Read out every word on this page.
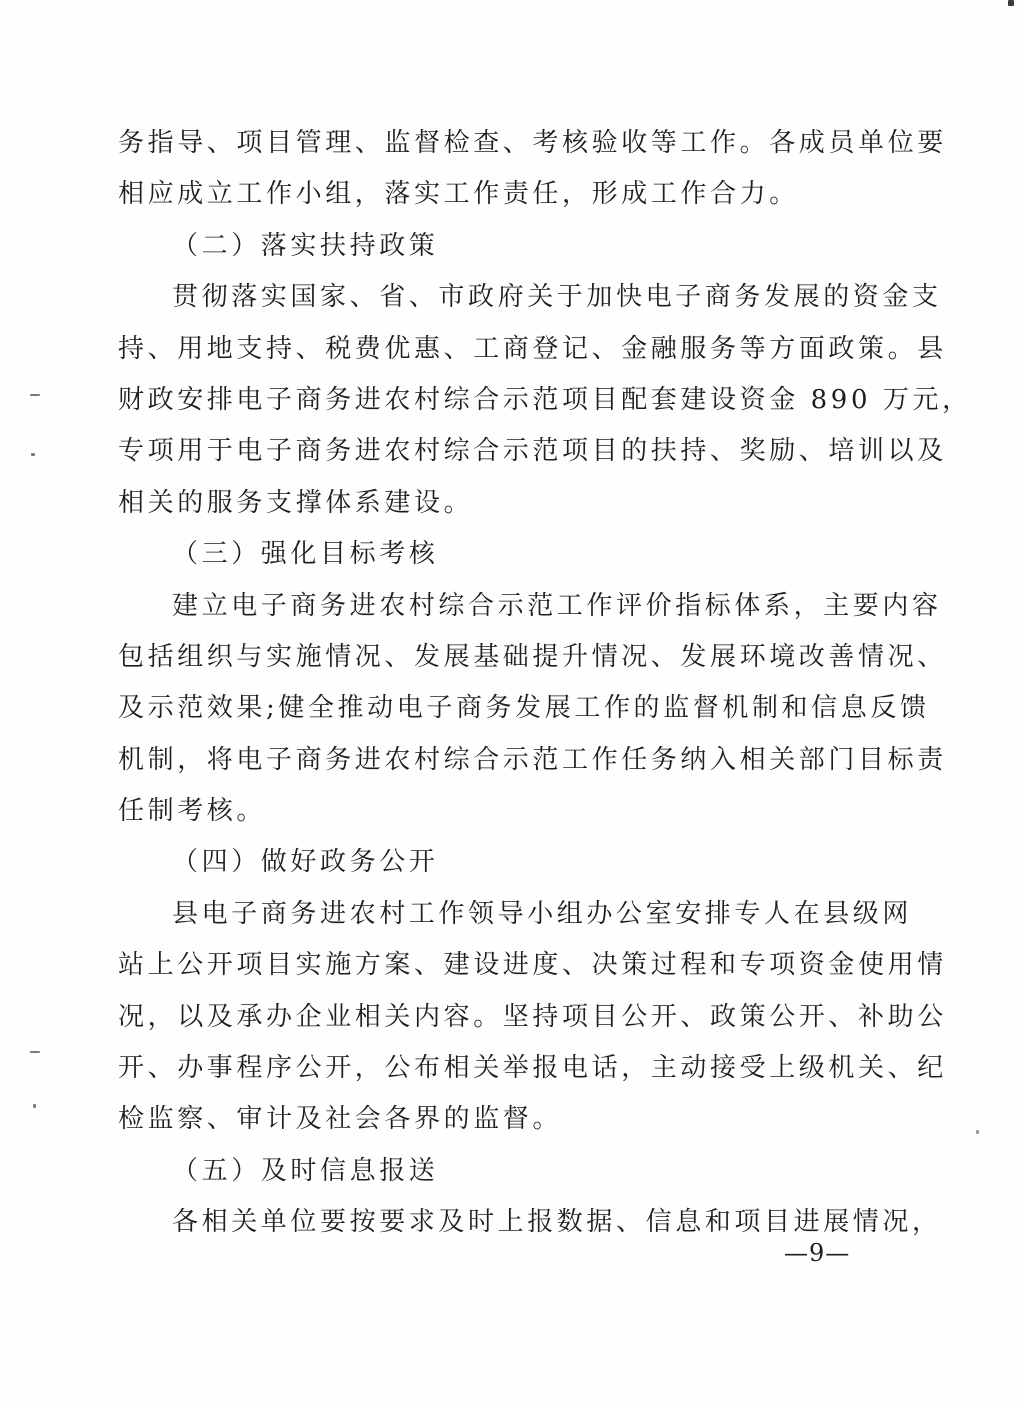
务指导、项目管理、监督检查、考核验收等工作。各成员单位要
相应成立工作小组，落实工作责任，形成工作合力。
（二）落实扶持政策
贯彻落实国家、省、市政府关于加快电子商务发展的资金支
持、用地支持、税费优惠、工商登记、金融服务等方面政策。县
财政安排电子商务进农村综合示范项目配套建设资金 890 万元，
专项用于电子商务进农村综合示范项目的扶持、奖励、培训以及
相关的服务支撑体系建设。
（三）强化目标考核
建立电子商务进农村综合示范工作评价指标体系，主要内容
包括组织与实施情况、发展基础提升情况、发展环境改善情况、
及示范效果;健全推动电子商务发展工作的监督机制和信息反馈
机制，将电子商务进农村综合示范工作任务纳入相关部门目标责
任制考核。
（四）做好政务公开
县电子商务进农村工作领导小组办公室安排专人在县级网
站上公开项目实施方案、建设进度、决策过程和专项资金使用情
况，以及承办企业相关内容。坚持项目公开、政策公开、补助公
开、办事程序公开，公布相关举报电话，主动接受上级机关、纪
检监察、审计及社会各界的监督。
（五）及时信息报送
各相关单位要按要求及时上报数据、信息和项目进展情况，
—9—
